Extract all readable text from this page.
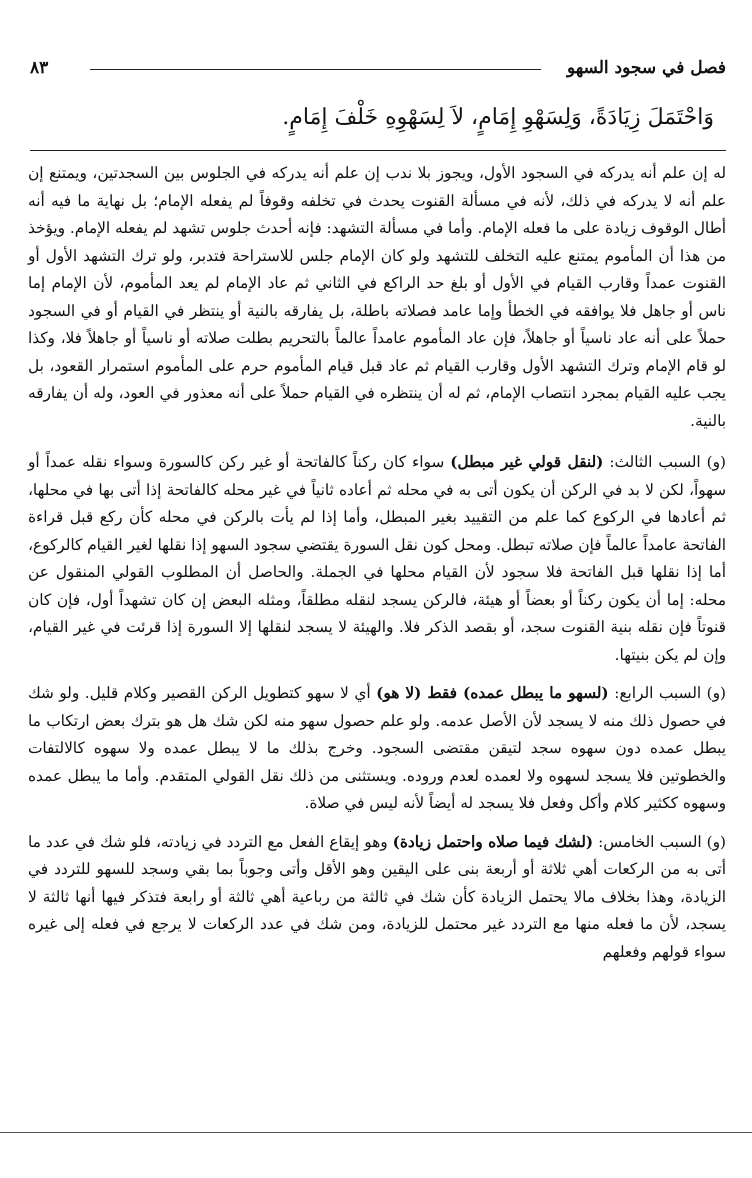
فصل في سجود السهو
٨٣
وَاحْتَمَلَ زِيَادَةً، وَلِسَهْوِ إِمَامٍ، لاَ لِسَهْوِهِ خَلْفَ إِمَامٍ.

له إن علم أنه يدركه في السجود الأول، ويجوز بلا ندب إن علم أنه يدركه في الجلوس بين السجدتين، ويمتنع إن علم أنه لا يدركه في ذلك، لأنه في مسألة القنوت يحدث في تخلفه وقوفاً لم يفعله الإمام؛ بل نهاية ما فيه أنه أطال الوقوف زيادة على ما فعله الإمام. وأما في مسألة التشهد: فإنه أحدث جلوس تشهد لم يفعله الإمام. ويؤخذ من هذا أن المأموم يمتنع عليه التخلف للتشهد ولو كان الإمام جلس للاستراحة فتدبر، ولو ترك التشهد الأول أو القنوت عمداً وقارب القيام في الأول أو بلغ حد الراكع في الثاني ثم عاد الإمام لم يعد المأموم، لأن الإمام إما ناس أو جاهل فلا يوافقه في الخطأ وإما عامد فصلاته باطلة، بل يفارقه بالنية أو ينتظر في القيام أو في السجود حملاً على أنه عاد ناسياً أو جاهلاً، فإن عاد المأموم عامداً عالماً بالتحريم بطلت صلاته أو ناسياً أو جاهلاً فلا، وكذا لو قام الإمام وترك التشهد الأول وقارب القيام ثم عاد قبل قيام المأموم حرم على المأموم استمرار القعود، بل يجب عليه القيام بمجرد انتصاب الإمام، ثم له أن ينتظره في القيام حملاً على أنه معذور في العود، وله أن يفارقه بالنية.

(و) السبب الثالث: (لنقل قولي غير مبطل) سواء كان ركناً كالفاتحة أو غير ركن كالسورة وسواء نقله عمداً أو سهواً، لكن لا بد في الركن أن يكون أتى به في محله ثم أعاده ثانياً في غير محله كالفاتحة إذا أتى بها في محلها، ثم أعادها في الركوع كما علم من التقييد بغير المبطل، وأما إذا لم يأت بالركن في محله كأن ركع قبل قراءة الفاتحة عامداً عالماً فإن صلاته تبطل. ومحل كون نقل السورة يقتضي سجود السهو إذا نقلها لغير القيام كالركوع، أما إذا نقلها قبل الفاتحة فلا سجود لأن القيام محلها في الجملة. والحاصل أن المطلوب القولي المنقول عن محله: إما أن يكون ركناً أو بعضاً أو هيئة، فالركن يسجد لنقله مطلقاً، ومثله البعض إن كان تشهداً أول، فإن كان قنوتاً فإن نقله بنية القنوت سجد، أو بقصد الذكر فلا. والهيئة لا يسجد لنقلها إلا السورة إذا قرئت في غير القيام، وإن لم يكن بنيتها.

(و) السبب الرابع: (لسهو ما يبطل عمده) فقط (لا هو) أي لا سهو كتطويل الركن القصير وكلام قليل. ولو شك في حصول ذلك منه لا يسجد لأن الأصل عدمه. ولو علم حصول سهو منه لكن شك هل هو بترك بعض ارتكاب ما يبطل عمده دون سهوه سجد لتيقن مقتضى السجود. وخرج بذلك ما لا يبطل عمده ولا سهوه كالالتفات والخطوتين فلا يسجد لسهوه ولا لعمده لعدم وروده. ويستثنى من ذلك نقل القولي المتقدم. وأما ما يبطل عمده وسهوه ككثير كلام وأكل وفعل فلا يسجد له أيضاً لأنه ليس في صلاة.

(و) السبب الخامس: (لشك فيما صلاه واحتمل زيادة) وهو إيقاع الفعل مع التردد في زيادته، فلو شك في عدد ما أتى به من الركعات أهي ثلاثة أو أربعة بنى على اليقين وهو الأقل وأتى وجوباً بما بقي وسجد للسهو للتردد في الزيادة، وهذا بخلاف مالا يحتمل الزيادة كأن شك في ثالثة من رباعية أهي ثالثة أو رابعة فتذكر فيها أنها ثالثة لا يسجد، لأن ما فعله منها مع التردد غير محتمل للزيادة، ومن شك في عدد الركعات لا يرجع في فعله إلى غيره سواء قولهم وفعلهم
